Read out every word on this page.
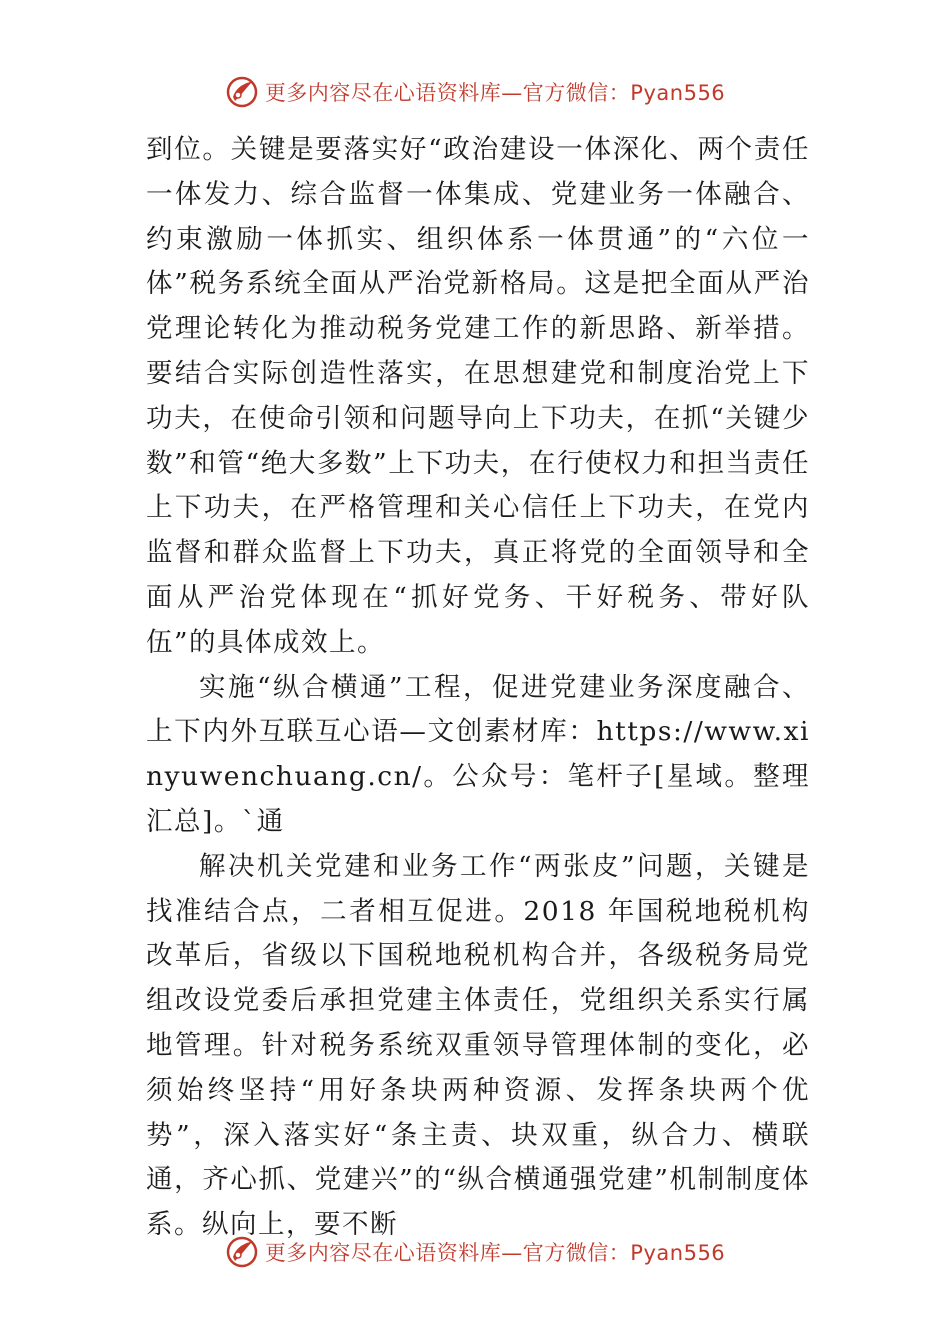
更多内容尽在心语资料库—官方微信：Pyan556

到位。关键是要落实好“政治建设一体深化、两个责任一体发力、综合监督一体集成、党建业务一体融合、约束激励一体抓实、组织体系一体贯通”的“六位一体”税务系统全面从严治党新格局。这是把全面从严治党理论转化为推动税务党建工作的新思路、新举措。要结合实际创造性落实，在思想建党和制度治党上下功夫，在使命引领和问题导向上下功夫，在抓“关键少数”和管“绝大多数”上下功夫，在行使权力和担当责任上下功夫，在严格管理和关心信任上下功夫，在党内监督和群众监督上下功夫，真正将党的全面领导和全面从严治党体现在“抓好党务、干好税务、带好队伍”的具体成效上。

实施“纵合横通”工程，促进党建业务深度融合、上下内外互联互心语—文创素材库：https://www.xinyuwenchuang.cn/。公众号：笔杆子[星域。整理汇总]。`通

解决机关党建和业务工作“两张皮”问题，关键是找准结合点，二者相互促进。2018 年国税地税机构改革后，省级以下国税地税机构合并，各级税务局党组改设党委后承担党建主体责任，党组织关系实行属地管理。针对税务系统双重领导管理体制的变化，必须始终坚持“用好条块两种资源、发挥条块两个优势”，深入落实好“条主责、块双重，纵合力、横联通，齐心抓、党建兴”的“纵合横通强党建”机制制度体系。纵向上，要不断

更多内容尽在心语资料库—官方微信：Pyan556
